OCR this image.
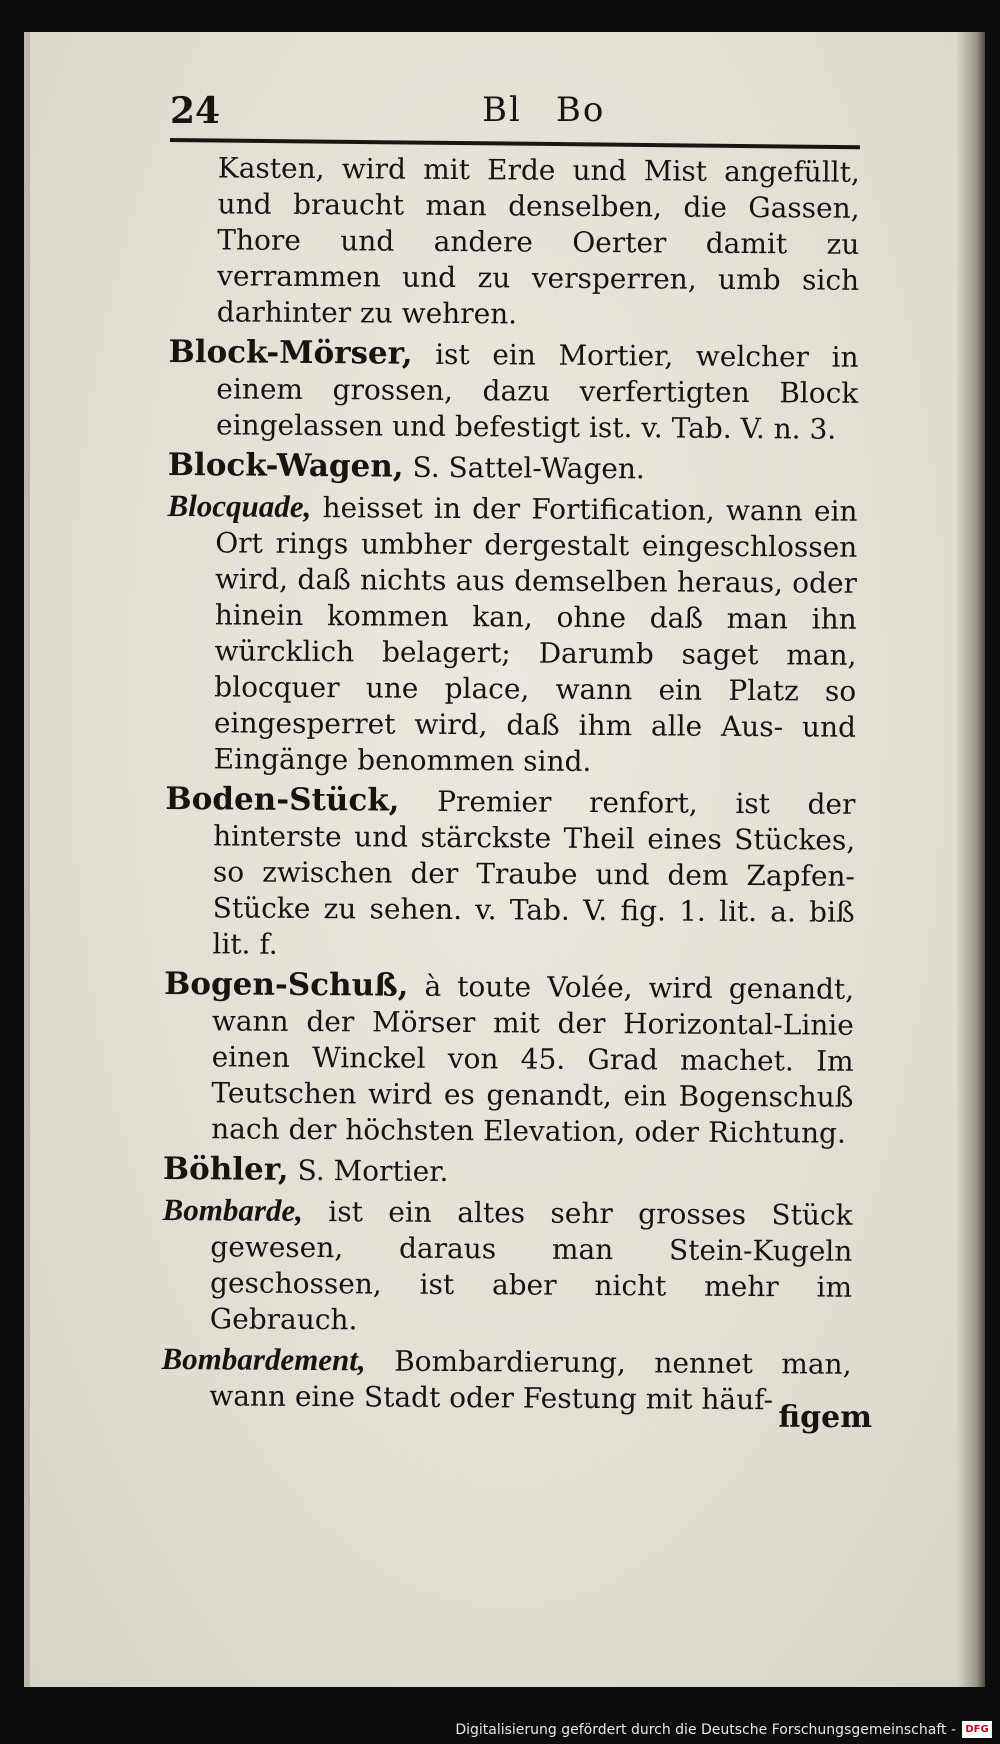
24	Bl Bo

Kasten, wird mit Erde und Mist angefüllt, und braucht man denselben, die Gassen, Thore und andere Oerter damit zu verrammen und zu versperren, umb sich darhinter zu wehren.

Block-Mörser, ist ein Mortier, welcher in einem grossen, dazu verfertigten Block eingelassen und befestigt ist. v. Tab. V. n. 3.

Block-Wagen, S. Sattel-Wagen.

Blocquade, heisset in der Fortification, wann ein Ort rings umbher dergestalt eingeschlossen wird, daß nichts aus demselben heraus, oder hinein kommen kan, ohne daß man ihn würcklich belagert; Darumb saget man, blocquer une place, wann ein Platz so eingesperret wird, daß ihm alle Aus- und Eingänge benommen sind.

Boden-Stück, Premier renfort, ist der hinterste und stärckste Theil eines Stückes, so zwischen der Traube und dem Zapfen-Stücke zu sehen. v. Tab. V. fig. 1. lit. a. biß lit. f.

Bogen-Schuß, à toute Volée, wird genandt, wann der Mörser mit der Horizontal-Linie einen Winckel von 45. Grad machet. Im Teutschen wird es genandt, ein Bogenschuß nach der höchsten Elevation, oder Richtung.

Böhler, S. Mortier.

Bombarde, ist ein altes sehr grosses Stück gewesen, daraus man Stein-Kugeln geschossen, ist aber nicht mehr im Gebrauch.

Bombardement, Bombardierung, nennet man, wann eine Stadt oder Festung mit häuf-

figem
Digitalisierung gefördert durch die Deutsche Forschungsgemeinschaft - DFG
